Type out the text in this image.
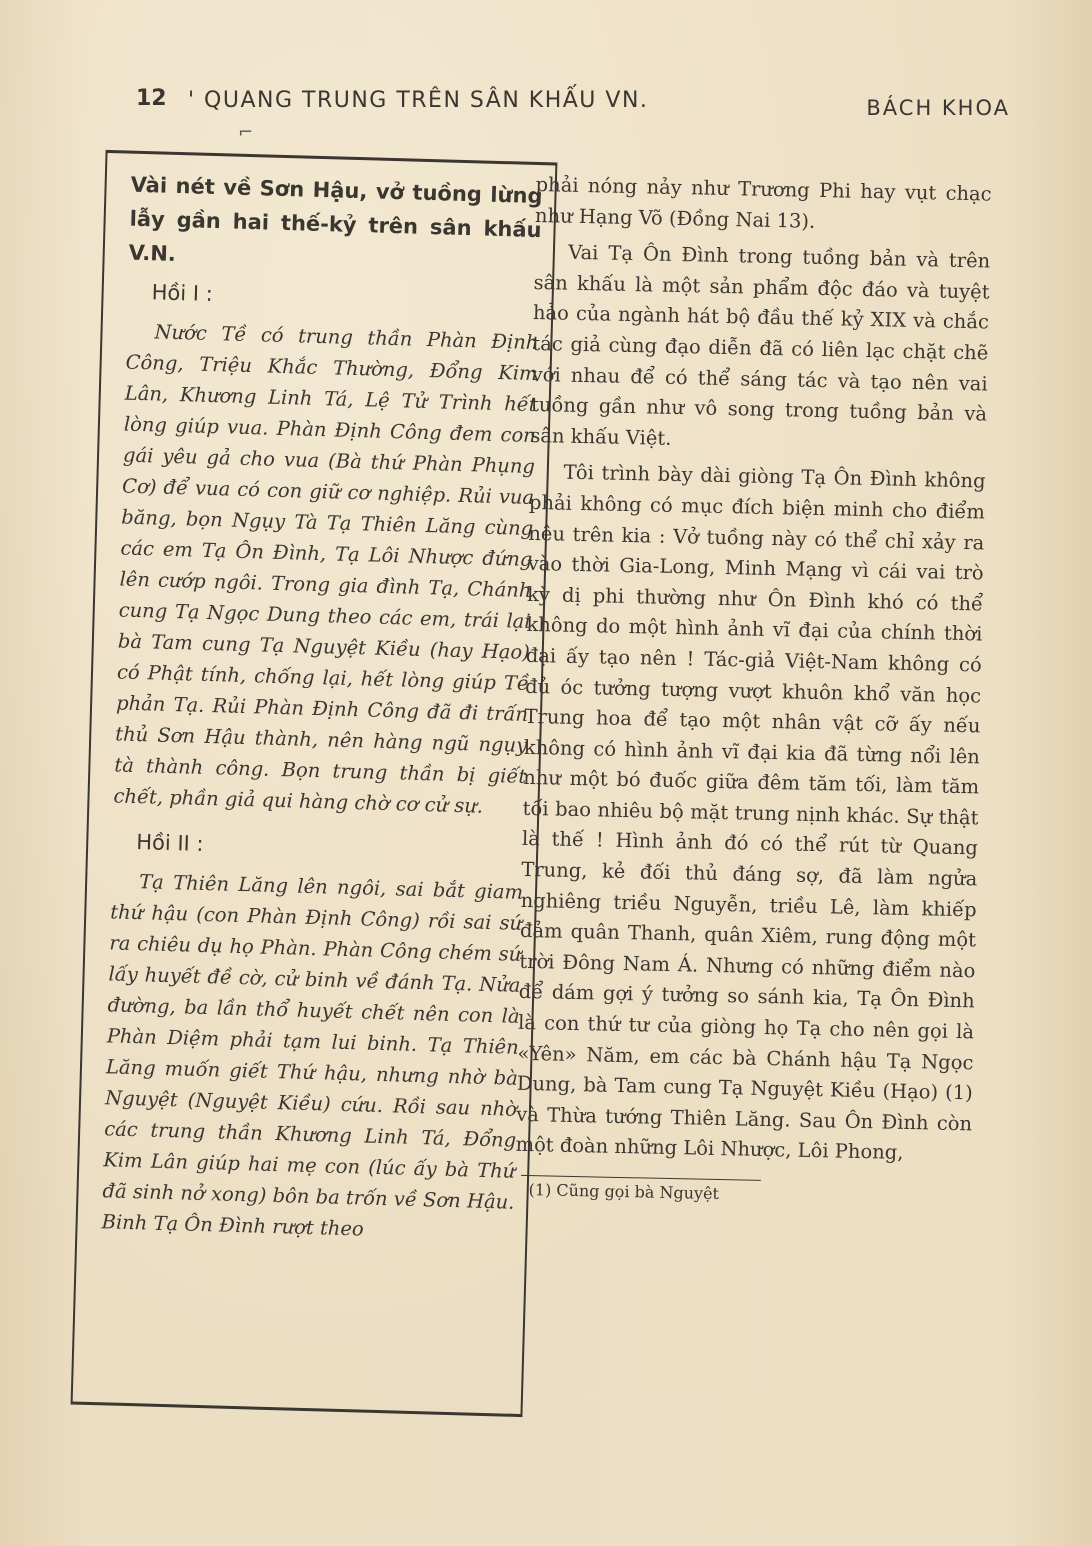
12 ' QUANG TRUNG TRÊN SÂN KHẤU VN.	BÁCH KHOA
⌐
Vài nét về Sơn Hậu, vở tuồng lừng lẫy gần hai thế-kỷ trên sân khấu V.N.
Hồi I :

Nước Tề có trung thần Phàn Định Công, Triệu Khắc Thường, Đổng Kim Lân, Khương Linh Tá, Lệ Tử Trình hết lòng giúp vua. Phàn Định Công đem con gái yêu gả cho vua (Bà thứ Phàn Phụng Cơ) để vua có con giữ cơ nghiệp. Rủi vua băng, bọn Ngụy Tà Tạ Thiên Lăng cùng các em Tạ Ôn Đình, Tạ Lôi Nhược đứng lên cướp ngôi. Trong gia đình Tạ, Chánh cung Tạ Ngọc Dung theo các em, trái lại bà Tam cung Tạ Nguyệt Kiều (hay Hạo) có Phật tính, chống lại, hết lòng giúp Tề phản Tạ. Rủi Phàn Định Công đã đi trấn thủ Sơn Hậu thành, nên hàng ngũ ngụy tà thành công. Bọn trung thần bị giết chết, phần giả qui hàng chờ cơ cử sự.

Hồi II :

Tạ Thiên Lăng lên ngôi, sai bắt giam thứ hậu (con Phàn Định Công) rồi sai sứ ra chiêu dụ họ Phàn. Phàn Công chém sứ lấy huyết đề cờ, cử binh về đánh Tạ. Nửa đường, ba lần thổ huyết chết nên con là Phàn Diệm phải tạm lui binh. Tạ Thiên Lăng muốn giết Thứ hậu, nhưng nhờ bà Nguyệt (Nguyệt Kiều) cứu. Rồi sau nhờ các trung thần Khương Linh Tá, Đổng Kim Lân giúp hai mẹ con (lúc ấy bà Thứ đã sinh nở xong) bôn ba trốn về Sơn Hậu. Binh Tạ Ôn Đình rượt theo

phải nóng nảy như Trương Phi hay vụt chạc như Hạng Võ (Đồng Nai 13).

Vai Tạ Ôn Đình trong tuồng bản và trên sân khấu là một sản phẩm độc đáo và tuyệt hảo của ngành hát bộ đầu thế kỷ XIX và chắc tác giả cùng đạo diễn đã có liên lạc chặt chẽ với nhau để có thể sáng tác và tạo nên vai tuồng gần như vô song trong tuồng bản và sân khấu Việt.

Tôi trình bày dài giòng Tạ Ôn Đình không phải không có mục đích biện minh cho điểm nêu trên kia : Vở tuồng này có thể chỉ xảy ra vào thời Gia-Long, Minh Mạng vì cái vai trò kỳ dị phi thường như Ôn Đình khó có thể không do một hình ảnh vĩ đại của chính thời đại ấy tạo nên ! Tác-giả Việt-Nam không có đủ óc tưởng tượng vượt khuôn khổ văn học Trung hoa để tạo một nhân vật cỡ ấy nếu không có hình ảnh vĩ đại kia đã từng nổi lên như một bó đuốc giữa đêm tăm tối, làm tăm tối bao nhiêu bộ mặt trung nịnh khác. Sự thật là thế ! Hình ảnh đó có thể rút từ Quang Trung, kẻ đối thủ đáng sợ, đã làm ngửa nghiêng triều Nguyễn, triều Lê, làm khiếp đảm quân Thanh, quân Xiêm, rung động một trời Đông Nam Á. Nhưng có những điểm nào để dám gợi ý tưởng so sánh kia, Tạ Ôn Đình là con thứ tư của giòng họ Tạ cho nên gọi là «Yên» Năm, em các bà Chánh hậu Tạ Ngọc Dung, bà Tam cung Tạ Nguyệt Kiều (Hạo) (1) và Thừa tướng Thiên Lăng. Sau Ôn Đình còn một đoàn những Lôi Nhược, Lôi Phong,

(1) Cũng gọi bà Nguyệt
